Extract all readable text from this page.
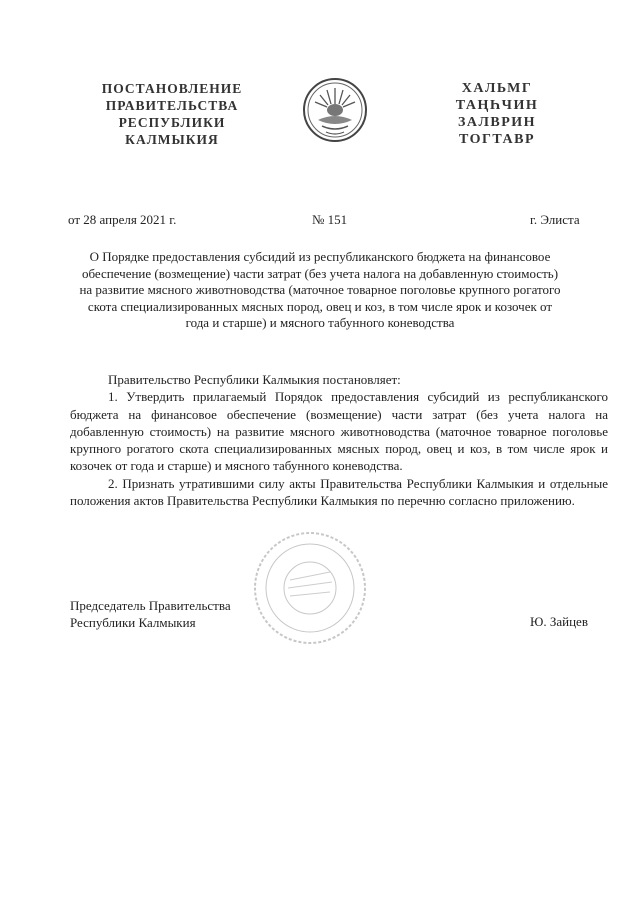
ПОСТАНОВЛЕНИЕ
ПРАВИТЕЛЬСТВА
РЕСПУБЛИКИ
КАЛМЫКИЯ
ХАЛЬМГ
ТАҢҺЧИН
ЗАЛВРИН
ТОГТАВР
от 28 апреля 2021 г.	№ 151	г. Элиста
О Порядке предоставления субсидий из республиканского бюджета на финансовое обеспечение (возмещение) части затрат (без учета налога на добавленную стоимость) на развитие мясного животноводства (маточное товарное поголовье крупного рогатого скота специализированных мясных пород, овец и коз, в том числе ярок и козочек от года и старше) и мясного табунного коневодства

Правительство Республики Калмыкия постановляет:

1. Утвердить прилагаемый Порядок предоставления субсидий из республиканского бюджета на финансовое обеспечение (возмещение) части затрат (без учета налога на добавленную стоимость) на развитие мясного животноводства (маточное товарное поголовье крупного рогатого скота специализированных мясных пород, овец и коз, в том числе ярок и козочек от года и старше) и мясного табунного коневодства.

2. Признать утратившими силу акты Правительства Республики Калмыкия и отдельные положения актов Правительства Республики Калмыкия по перечню согласно приложению.

Председатель Правительства
Республики Калмыкия	Ю. Зайцев
